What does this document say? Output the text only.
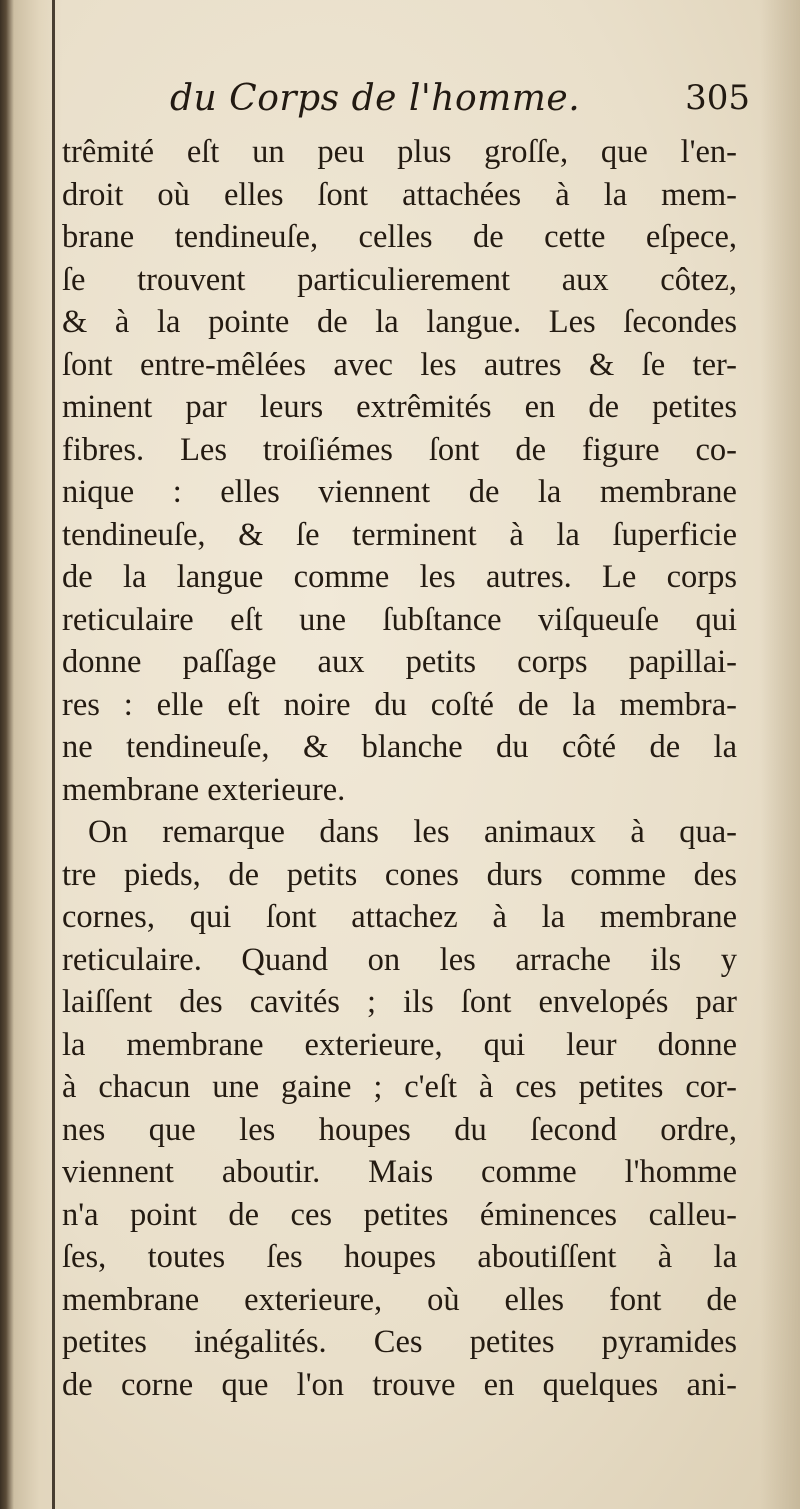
du Corps de l'homme.	305
trêmité eſt un peu plus groſſe, que l'en-
droit où elles ſont attachées à la mem-
brane tendineuſe, celles de cette eſpece,
ſe trouvent particulierement aux côtez,
& à la pointe de la langue. Les ſecondes
ſont entre-mêlées avec les autres & ſe ter-
minent par leurs extrêmités en de petites
fibres. Les troiſiémes ſont de figure co-
nique : elles viennent de la membrane
tendineuſe, & ſe terminent à la ſuperficie
de la langue comme les autres. Le corps
reticulaire eſt une ſubſtance viſqueuſe qui
donne paſſage aux petits corps papillai-
res : elle eſt noire du coſté de la membra-
ne tendineuſe, & blanche du côté de la
membrane exterieure.
On remarque dans les animaux à qua-
tre pieds, de petits cones durs comme des
cornes, qui ſont attachez à la membrane
reticulaire. Quand on les arrache ils y
laiſſent des cavités ; ils ſont envelopés par
la membrane exterieure, qui leur donne
à chacun une gaine ; c'eſt à ces petites cor-
nes que les houpes du ſecond ordre,
viennent aboutir. Mais comme l'homme
n'a point de ces petites éminences calleu-
ſes, toutes ſes houpes aboutiſſent à la
membrane exterieure, où elles font de
petites inégalités. Ces petites pyramides
de corne que l'on trouve en quelques ani-
